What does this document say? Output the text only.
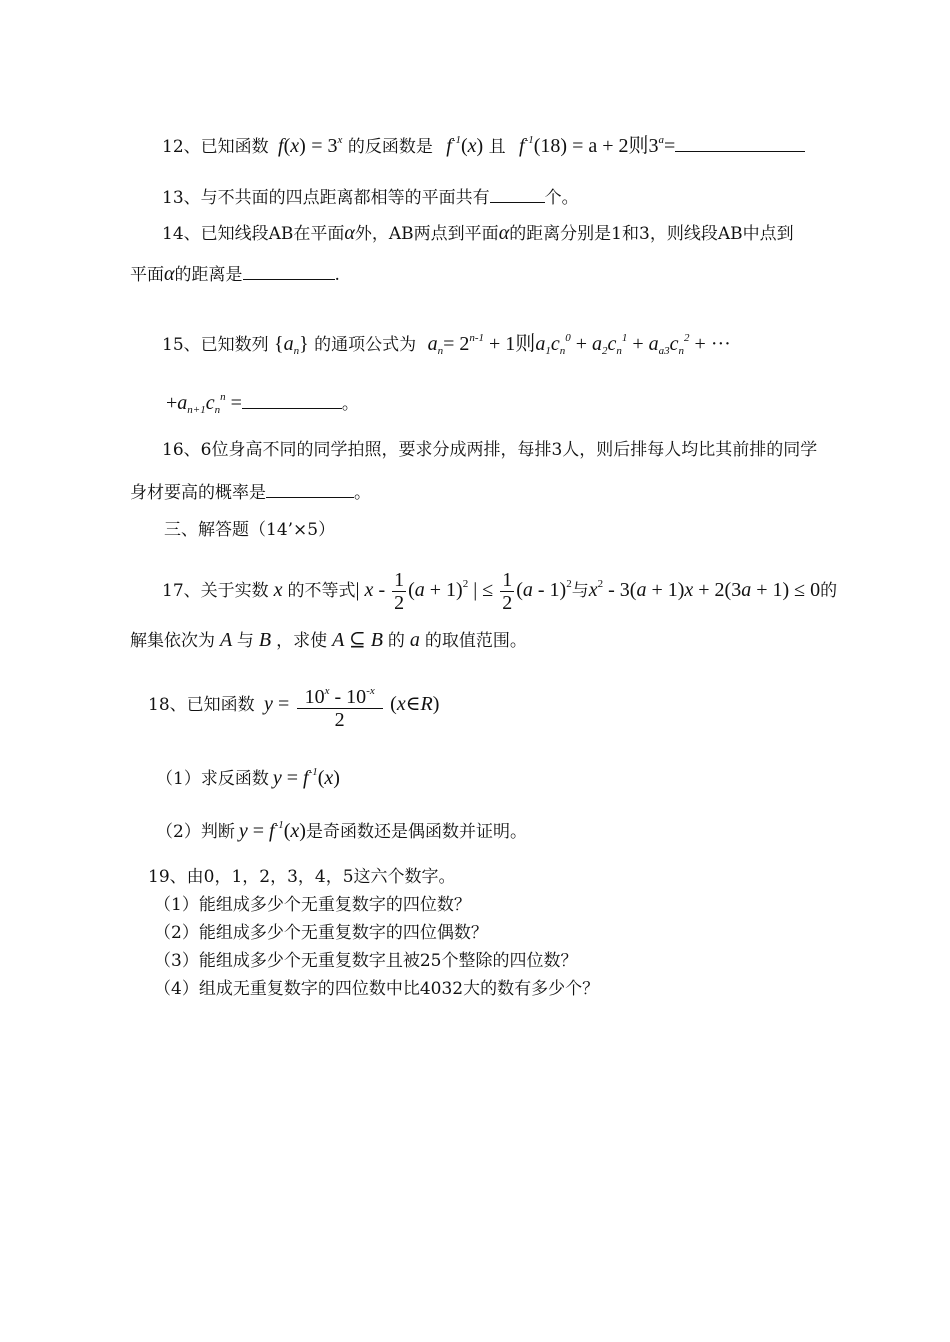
12、已知函数 $f(x) = 3^x$ 的反函数是 $f^{-1}(x)$ 且 $f^{-1}(18) = a + 2$则$3^a=$
13、与不共面的四点距离都相等的平面共有	个。
14、已知线段AB在平面α外，AB两点到平面α的距离分别是1和3，则线段AB中点到
平面α的距离是	.
15、已知数列 $\{a_n\}$ 的通项公式为 $a_n= 2^{n-1} + 1$则$a_1c_n^0 + a_2c_n^1 + a_{a3}c_n^2$ + ···
$+a_{n+1}c_n^n$ =	。
16、6位身高不同的同学拍照，要求分成两排，每排3人，则后排每人均比其前排的同学
身材要高的概率是	。
三、解答题（14’×5）
17、关于实数 x 的不等式| $x - \frac{1}{2} (a + 1)^2$ | ≤ $\frac{1}{2} (a - 1)^2$与$x^2 - 3(a + 1)x + 2(3a + 1) \le 0$的
解集依次为 A 与 B ，求使 A ⊆ B 的 a 的取值范围。
18、已知函数 $y = \frac{10^x - 10^{-x}}{2}$ (x∈R)
（1）求反函数 $y = f^{-1}(x)$
（2）判断 $y = f^{-1}(x)$是奇函数还是偶函数并证明。
19、由0，1，2，3，4，5这六个数字。
（1）能组成多少个无重复数字的四位数？
（2）能组成多少个无重复数字的四位偶数？
（3）能组成多少个无重复数字且被25个整除的四位数？
（4）组成无重复数字的四位数中比4032大的数有多少个？
